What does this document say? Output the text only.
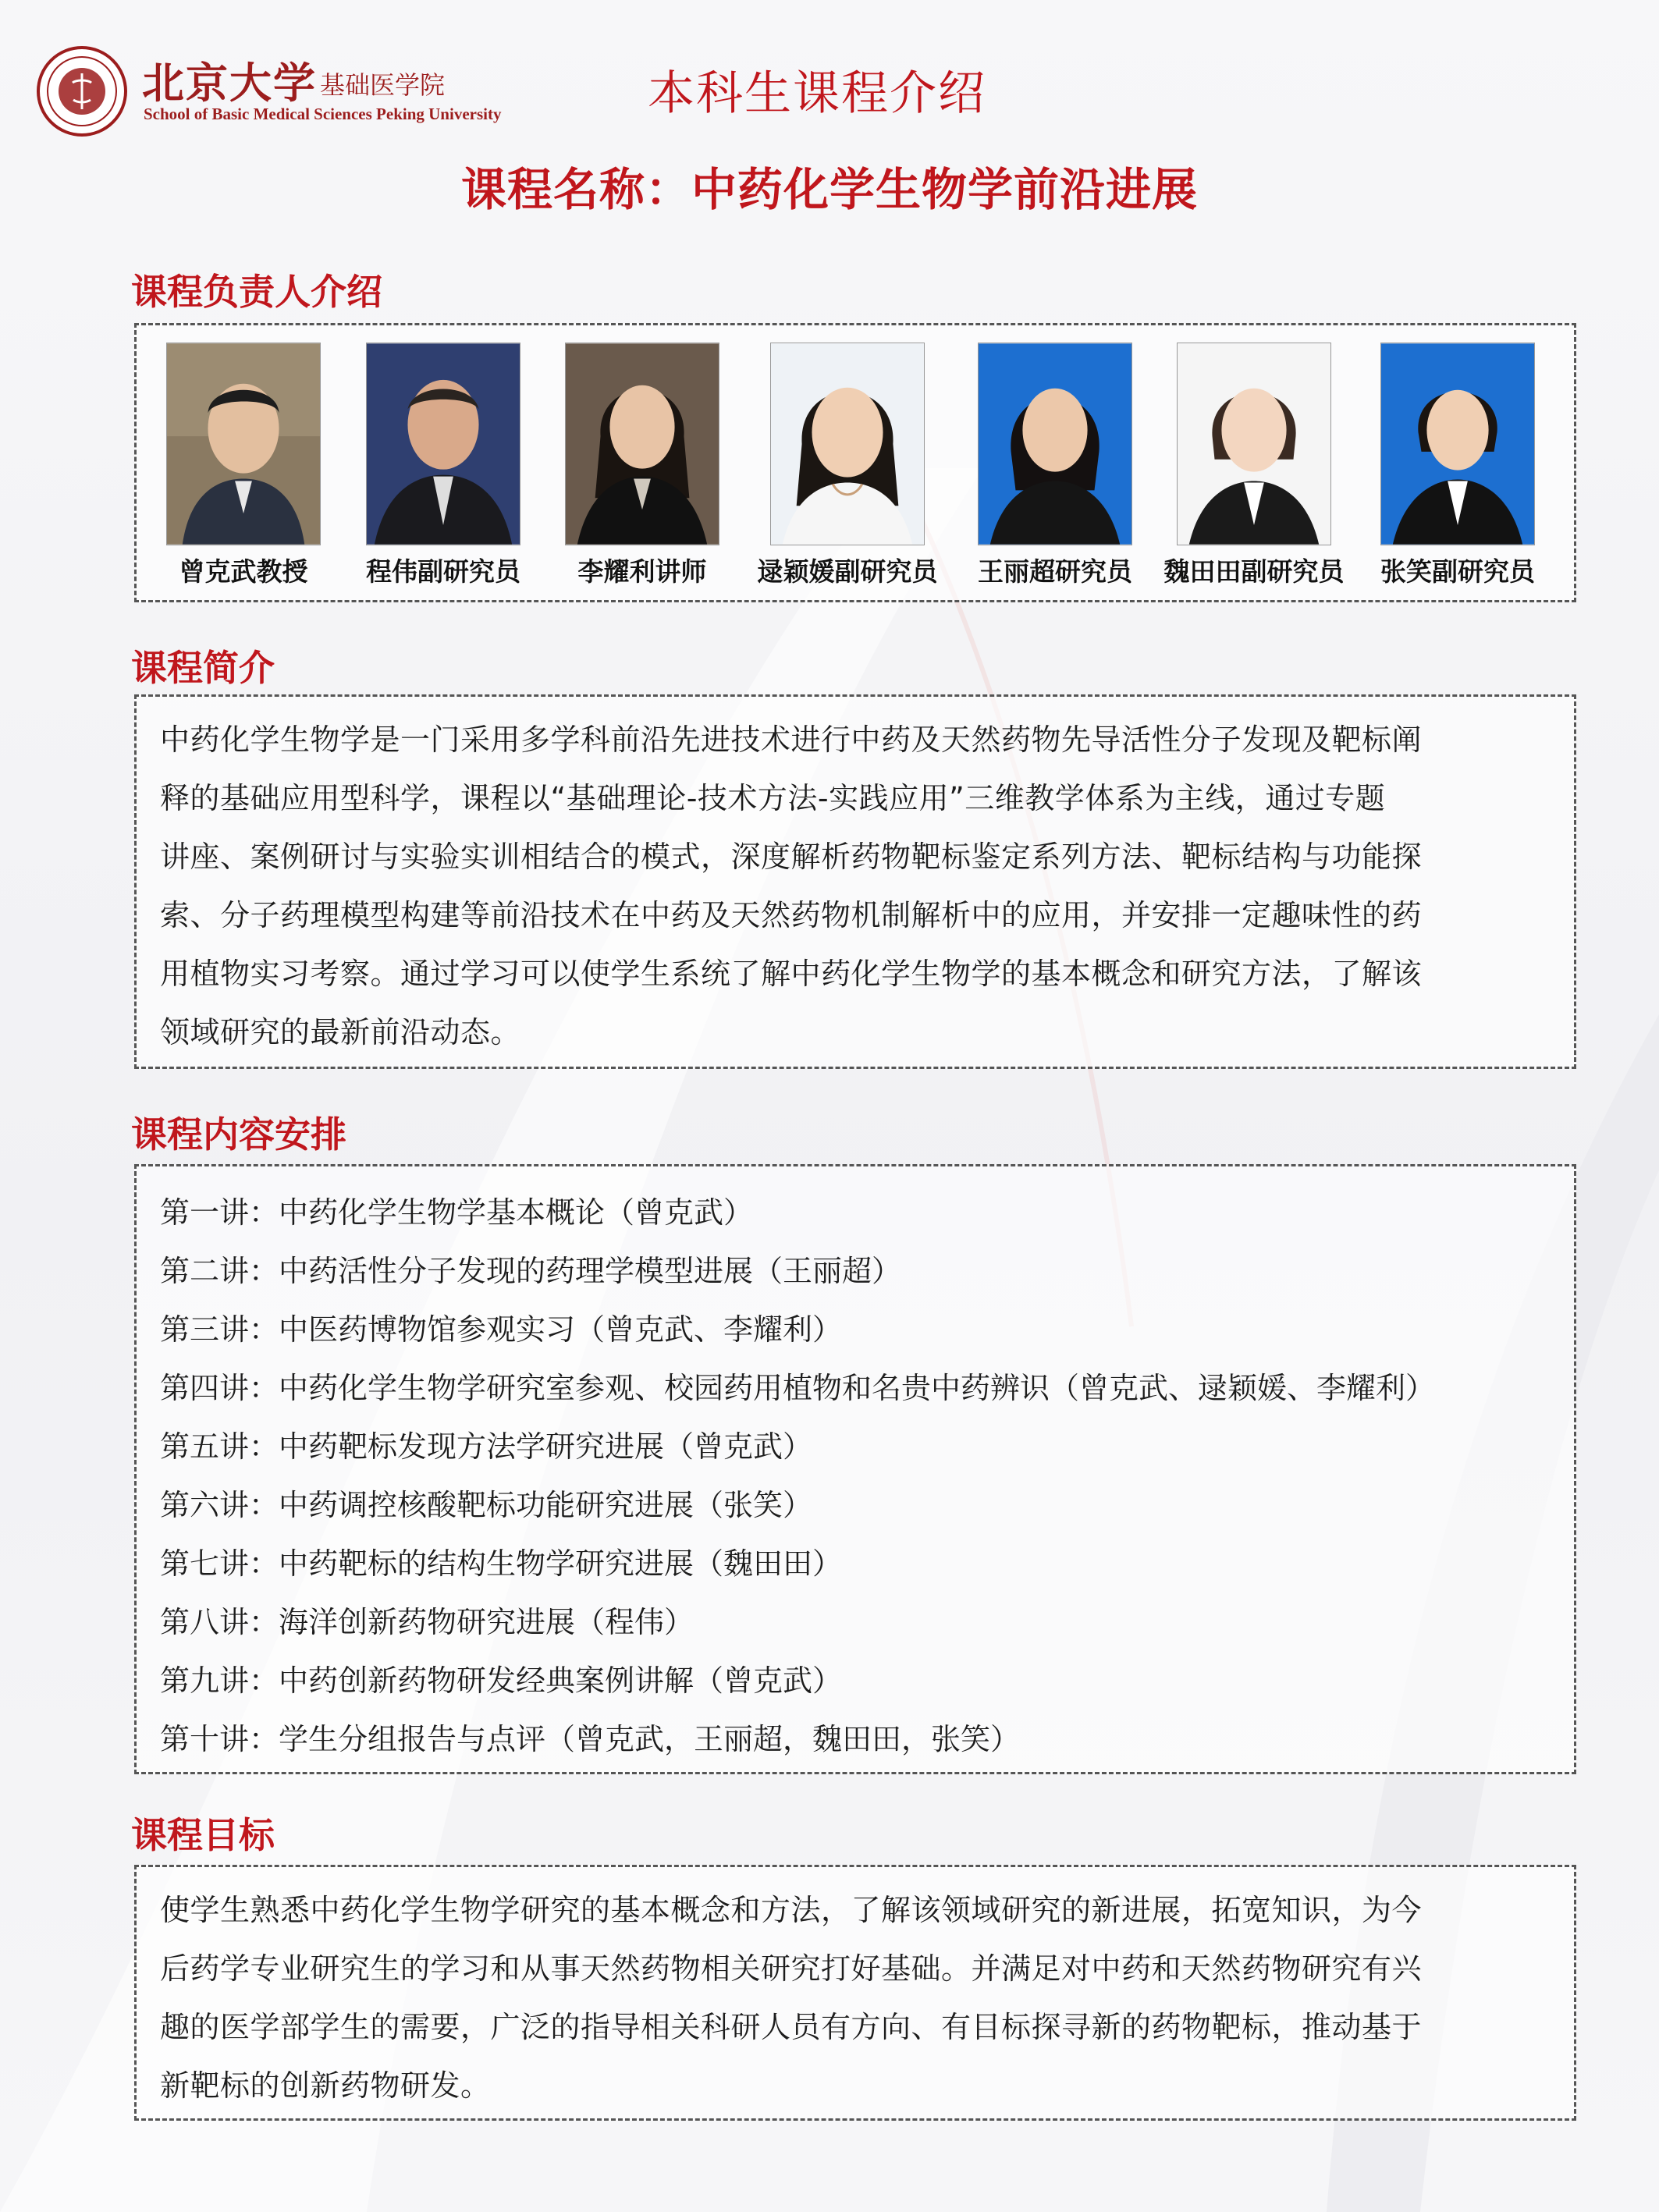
北京大学 基础医学院
School of Basic Medical Sciences Peking University	本科生课程介绍
课程名称：中药化学生物学前沿进展
课程负责人介绍
曾克武教授	程伟副研究员	李耀利讲师	逯颖媛副研究员	王丽超研究员	魏田田副研究员	张笑副研究员
课程简介
中药化学生物学是一门采用多学科前沿先进技术进行中药及天然药物先导活性分子发现及靶标阐
释的基础应用型科学，课程以“基础理论-技术方法-实践应用”三维教学体系为主线，通过专题
讲座、案例研讨与实验实训相结合的模式，深度解析药物靶标鉴定系列方法、靶标结构与功能探
索、分子药理模型构建等前沿技术在中药及天然药物机制解析中的应用，并安排一定趣味性的药
用植物实习考察。通过学习可以使学生系统了解中药化学生物学的基本概念和研究方法，了解该
领域研究的最新前沿动态。
课程内容安排
第一讲：中药化学生物学基本概论（曾克武）
第二讲：中药活性分子发现的药理学模型进展（王丽超）
第三讲：中医药博物馆参观实习（曾克武、李耀利）
第四讲：中药化学生物学研究室参观、校园药用植物和名贵中药辨识（曾克武、逯颖媛、李耀利）
第五讲：中药靶标发现方法学研究进展（曾克武）
第六讲：中药调控核酸靶标功能研究进展（张笑）
第七讲：中药靶标的结构生物学研究进展（魏田田）
第八讲：海洋创新药物研究进展（程伟）
第九讲：中药创新药物研发经典案例讲解（曾克武）
第十讲：学生分组报告与点评（曾克武，王丽超，魏田田，张笑）
课程目标
使学生熟悉中药化学生物学研究的基本概念和方法，了解该领域研究的新进展，拓宽知识，为今
后药学专业研究生的学习和从事天然药物相关研究打好基础。并满足对中药和天然药物研究有兴
趣的医学部学生的需要，广泛的指导相关科研人员有方向、有目标探寻新的药物靶标，推动基于
新靶标的创新药物研发。
